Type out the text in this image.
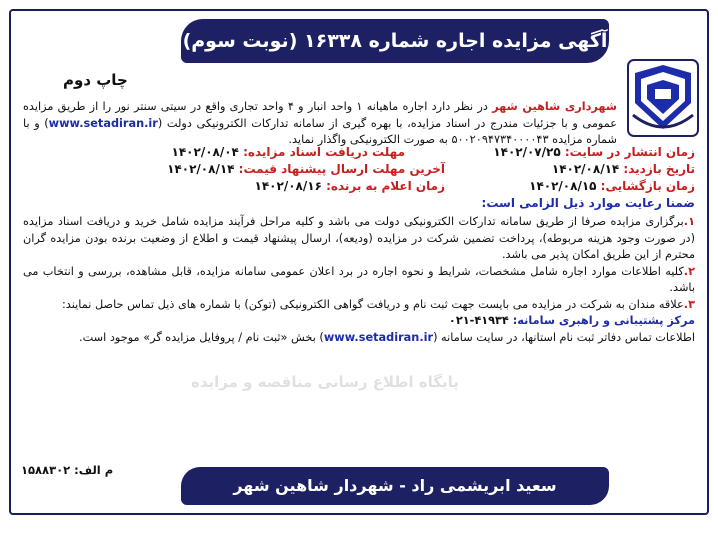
آگهی مزایده اجاره شماره ۱۶۳۳۸ (نوبت سوم)
چاپ دوم

شهرداری شاهین شهر در نظر دارد اجاره ماهیانه ۱ واحد انبار و ۴ واحد تجاری واقع در سیتی سنتر نور را از طریق مزایده عمومی و با جزئیات مندرج در اسناد مزایده، با بهره گیری از سامانه تدارکات الکترونیکی دولت (www.setadiran.ir) و با شماره مزایده ۵۰۰۲۰۹۴۷۳۴۰۰۰۰۴۳ به صورت الکترونیکی واگذار نماید.

زمان انتشار در سایت: ۱۴۰۲/۰۷/۲۵
مهلت دریافت اسناد مزایده: ۱۴۰۲/۰۸/۰۴
تاریخ بازدید: ۱۴۰۲/۰۸/۱۴
آخرین مهلت ارسال پیشنهاد قیمت: ۱۴۰۲/۰۸/۱۴
زمان بازگشایی: ۱۴۰۲/۰۸/۱۵
زمان اعلام به برنده: ۱۴۰۲/۰۸/۱۶
ضمنا رعایت موارد ذیل الزامی است:

۱.برگزاری مزایده صرفا از طریق سامانه تدارکات الکترونیکی دولت می باشد و کلیه مراحل فرآیند مزایده شامل خرید و دریافت اسناد مزایده (در صورت وجود هزینه مربوطه)، پرداخت تضمین شرکت در مزایده (ودیعه)، ارسال پیشنهاد قیمت و اطلاع از وضعیت برنده بودن مزایده گران محترم از این طریق امکان پذیر می باشد.

۲.کلیه اطلاعات موارد اجاره شامل مشخصات، شرایط و نحوه اجاره در برد اعلان عمومی سامانه مزایده، قابل مشاهده، بررسی و انتخاب می باشد.

۳.علاقه مندان به شرکت در مزایده می بایست جهت ثبت نام و دریافت گواهی الکترونیکی (توکن) با شماره های ذیل تماس حاصل نمایند:

مرکز پشتیبانی و راهبری سامانه: ۴۱۹۳۴-۰۲۱

اطلاعات تماس دفاتر ثبت نام استانها، در سایت سامانه (www.setadiran.ir) بخش «ثبت نام / پروفایل مزایده گر» موجود است.

پایگاه اطلاع رسانی مناقصه و مزایده
م الف: ۱۵۸۸۳۰۲
سعید ابریشمی راد - شهردار شاهین شهر
